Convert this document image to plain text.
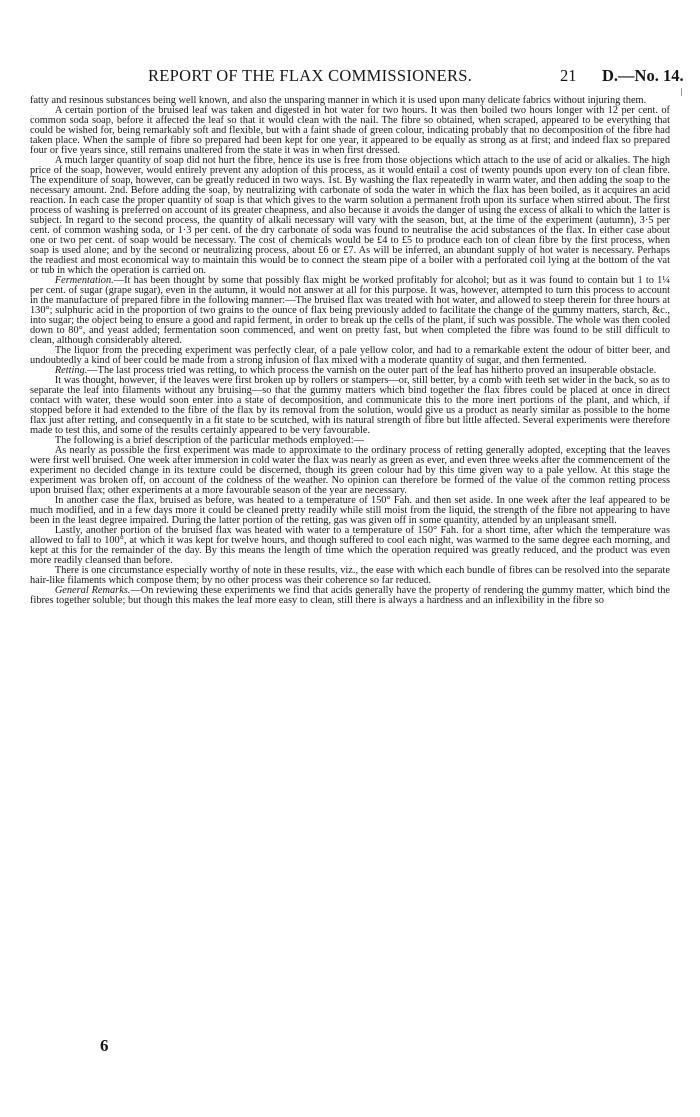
REPORT OF THE FLAX COMMISSIONERS.	21 D.—No. 14.

fatty and resinous substances being well known, and also the unsparing manner in which it is used upon many delicate fabrics without injuring them.

A certain portion of the bruised leaf was taken and digested in hot water for two hours. It was then boiled two hours longer with 12 per cent. of common soda soap, before it affected the leaf so that it would clean with the nail. The fibre so obtained, when scraped, appeared to be everything that could be wished for, being remarkably soft and flexible, but with a faint shade of green colour, indicating probably that no decomposition of the fibre had taken place. When the sample of fibre so prepared had been kept for one year, it appeared to be equally as strong as at first; and indeed flax so prepared four or five years since, still remains unaltered from the state it was in when first dressed.

A much larger quantity of soap did not hurt the fibre, hence its use is free from those objections which attach to the use of acid or alkalies. The high price of the soap, however, would entirely prevent any adoption of this process, as it would entail a cost of twenty pounds upon every ton of clean fibre. The expenditure of soap, however, can be greatly reduced in two ways. 1st. By washing the flax repeatedly in warm water, and then adding the soap to the necessary amount. 2nd. Before adding the soap, by neutralizing with carbonate of soda the water in which the flax has been boiled, as it acquires an acid reaction. In each case the proper quantity of soap is that which gives to the warm solution a permanent froth upon its surface when stirred about. The first process of washing is preferred on account of its greater cheapness, and also because it avoids the danger of using the excess of alkali to which the latter is subject. In regard to the second process, the quantity of alkali necessary will vary with the season, but, at the time of the experiment (autumn), 3·5 per cent. of common washing soda, or 1·3 per cent. of the dry carbonate of soda was found to neutralise the acid substances of the flax. In either case about one or two per cent. of soap would be necessary. The cost of chemicals would be £4 to £5 to produce each ton of clean fibre by the first process, when soap is used alone; and by the second or neutralizing process, about £6 or £7. As will be inferred, an abundant supply of hot water is necessary. Perhaps the readiest and most economical way to maintain this would be to connect the steam pipe of a boiler with a perforated coil lying at the bottom of the vat or tub in which the operation is carried on.

Fermentation.—It has been thought by some that possibly flax might be worked profitably for alcohol; but as it was found to contain but 1 to 1¼ per cent. of sugar (grape sugar), even in the autumn, it would not answer at all for this purpose. It was, however, attempted to turn this process to account in the manufacture of prepared fibre in the following manner:—The bruised flax was treated with hot water, and allowed to steep therein for three hours at 130°; sulphuric acid in the proportion of two grains to the ounce of flax being previously added to facilitate the change of the gummy matters, starch, &c., into sugar; the object being to ensure a good and rapid ferment, in order to break up the cells of the plant, if such was possible. The whole was then cooled down to 80°, and yeast added; fermentation soon commenced, and went on pretty fast, but when completed the fibre was found to be still difficult to clean, although considerably altered.

The liquor from the preceding experiment was perfectly clear, of a pale yellow color, and had to a remarkable extent the odour of bitter beer, and undoubtedly a kind of beer could be made from a strong infusion of flax mixed with a moderate quantity of sugar, and then fermented.

Retting.—The last process tried was retting, to which process the varnish on the outer part of the leaf has hitherto proved an insuperable obstacle.

It was thought, however, if the leaves were first broken up by rollers or stampers—or, still better, by a comb with teeth set wider in the back, so as to separate the leaf into filaments without any bruising—so that the gummy matters which bind together the flax fibres could be placed at once in direct contact with water, these would soon enter into a state of decomposition, and communicate this to the more inert portions of the plant, and which, if stopped before it had extended to the fibre of the flax by its removal from the solution, would give us a product as nearly similar as possible to the home flax just after retting, and consequently in a fit state to be scutched, with its natural strength of fibre but little affected. Several experiments were therefore made to test this, and some of the results certainly appeared to be very favourable.

The following is a brief description of the particular methods employed:—

As nearly as possible the first experiment was made to approximate to the ordinary process of retting generally adopted, excepting that the leaves were first well bruised. One week after immersion in cold water the flax was nearly as green as ever, and even three weeks after the commencement of the experiment no decided change in its texture could be discerned, though its green colour had by this time given way to a pale yellow. At this stage the experiment was broken off, on account of the coldness of the weather. No opinion can therefore be formed of the value of the common retting process upon bruised flax; other experiments at a more favourable season of the year are necessary.

In another case the flax, bruised as before, was heated to a temperature of 150° Fah. and then set aside. In one week after the leaf appeared to be much modified, and in a few days more it could be cleaned pretty readily while still moist from the liquid, the strength of the fibre not appearing to have been in the least degree impaired. During the latter portion of the retting, gas was given off in some quantity, attended by an unpleasant smell.

Lastly, another portion of the bruised flax was heated with water to a temperature of 150° Fah. for a short time, after which the temperature was allowed to fall to 100°, at which it was kept for twelve hours, and though suffered to cool each night, was warmed to the same degree each morning, and kept at this for the remainder of the day. By this means the length of time which the operation required was greatly reduced, and the product was even more readily cleansed than before.

There is one circumstance especially worthy of note in these results, viz., the ease with which each bundle of fibres can be resolved into the separate hair-like filaments which compose them; by no other process was their coherence so far reduced.

General Remarks.—On reviewing these experiments we find that acids generally have the property of rendering the gummy matter, which bind the fibres together soluble; but though this makes the leaf more easy to clean, still there is always a hardness and an inflexibility in the fibre so

6
